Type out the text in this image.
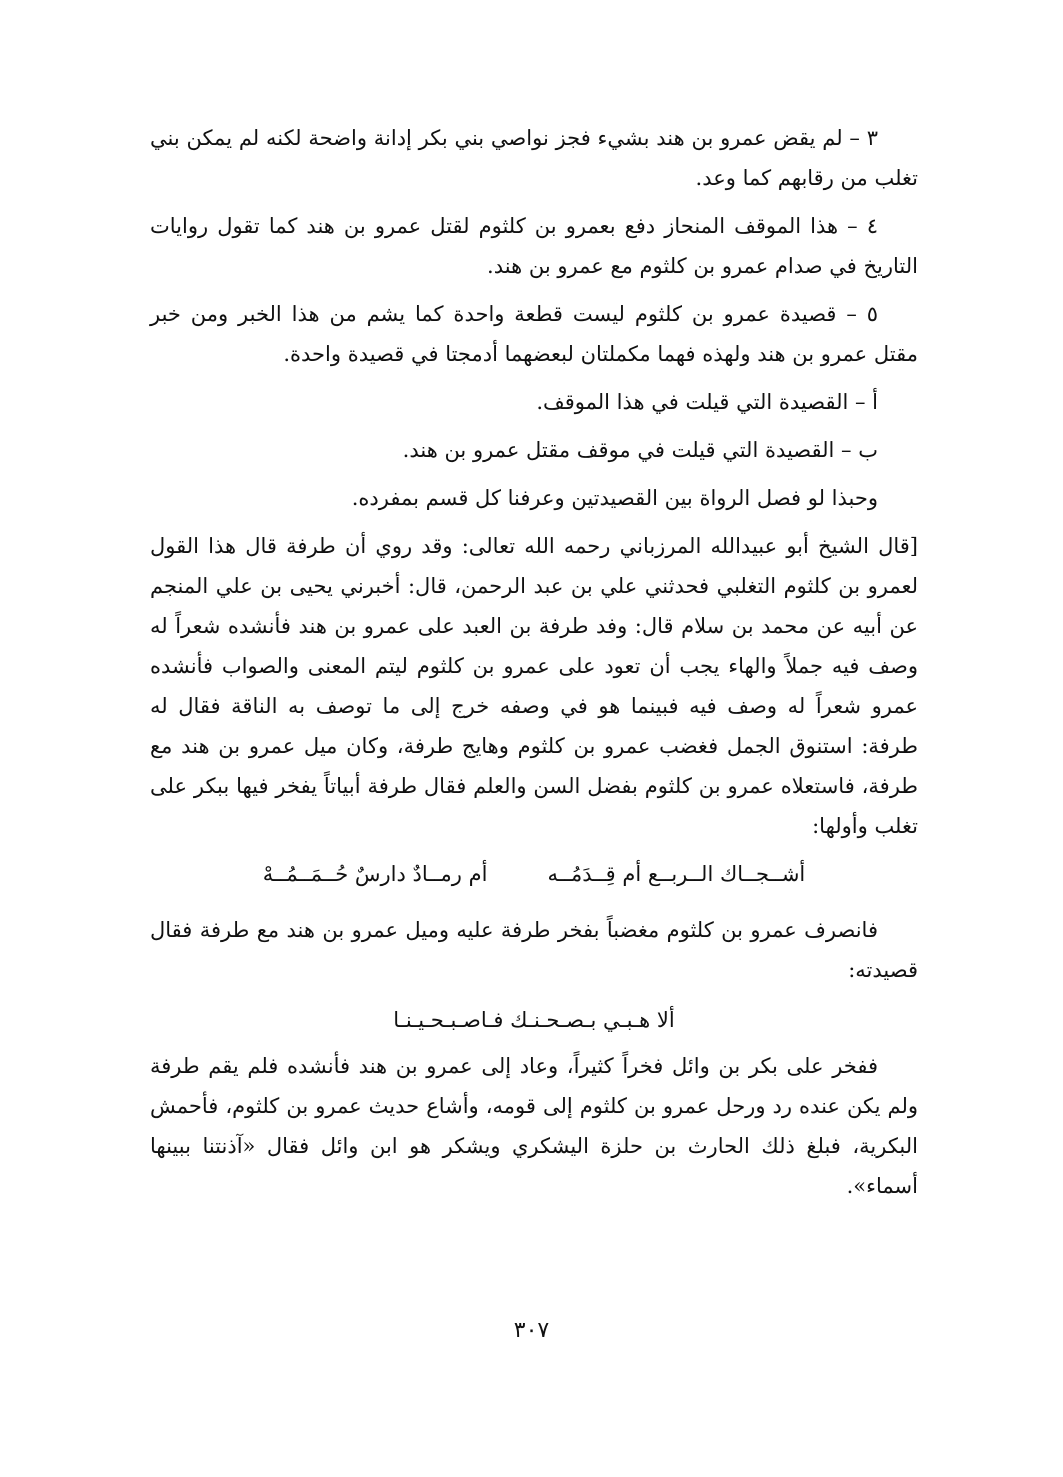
٣ – لم يقض عمرو بن هند بشيء فجز نواصي بني بكر إدانة واضحة لكنه لم يمكن بني تغلب من رقابهم كما وعد.

٤ – هذا الموقف المنحاز دفع بعمرو بن كلثوم لقتل عمرو بن هند كما تقول روايات التاريخ في صدام عمرو بن كلثوم مع عمرو بن هند.

٥ – قصيدة عمرو بن كلثوم ليست قطعة واحدة كما يشم من هذا الخبر ومن خبر مقتل عمرو بن هند ولهذه فهما مكملتان لبعضهما أدمجتا في قصيدة واحدة.

أ – القصيدة التي قيلت في هذا الموقف.

ب – القصيدة التي قيلت في موقف مقتل عمرو بن هند.

وحبذا لو فصل الرواة بين القصيدتين وعرفنا كل قسم بمفرده.

[قال الشيخ أبو عبيدالله المرزباني رحمه الله تعالى: وقد روي أن طرفة قال هذا القول لعمرو بن كلثوم التغلبي فحدثني علي بن عبد الرحمن، قال: أخبرني يحيى بن علي المنجم عن أبيه عن محمد بن سلام قال: وفد طرفة بن العبد على عمرو بن هند فأنشده شعراً له وصف فيه جملاً والهاء يجب أن تعود على عمرو بن كلثوم ليتم المعنى والصواب فأنشده عمرو شعراً له وصف فيه فبينما هو في وصفه خرج إلى ما توصف به الناقة فقال له طرفة: استنوق الجمل فغضب عمرو بن كلثوم وهايج طرفة، وكان ميل عمرو بن هند مع طرفة، فاستعلاه عمرو بن كلثوم بفضل السن والعلم فقال طرفة أبياتاً يفخر فيها ببكر على تغلب وأولها:

أشــجــاك الــربــع أم قِــدَمُــه
أم رمــادٌ دارسٌ حُــمَــمُــهْ

فانصرف عمرو بن كلثوم مغضباً بفخر طرفة عليه وميل عمرو بن هند مع طرفة فقال قصيدته:

ألا هـبـي بـصـحـنـك فـاصـبـحـيـنـا

ففخر على بكر بن وائل فخراً كثيراً، وعاد إلى عمرو بن هند فأنشده فلم يقم طرفة ولم يكن عنده رد ورحل عمرو بن كلثوم إلى قومه، وأشاع حديث عمرو بن كلثوم، فأحمش البكرية، فبلغ ذلك الحارث بن حلزة اليشكري ويشكر هو ابن وائل فقال «آذنتنا ببينها أسماء».

٣٠٧
